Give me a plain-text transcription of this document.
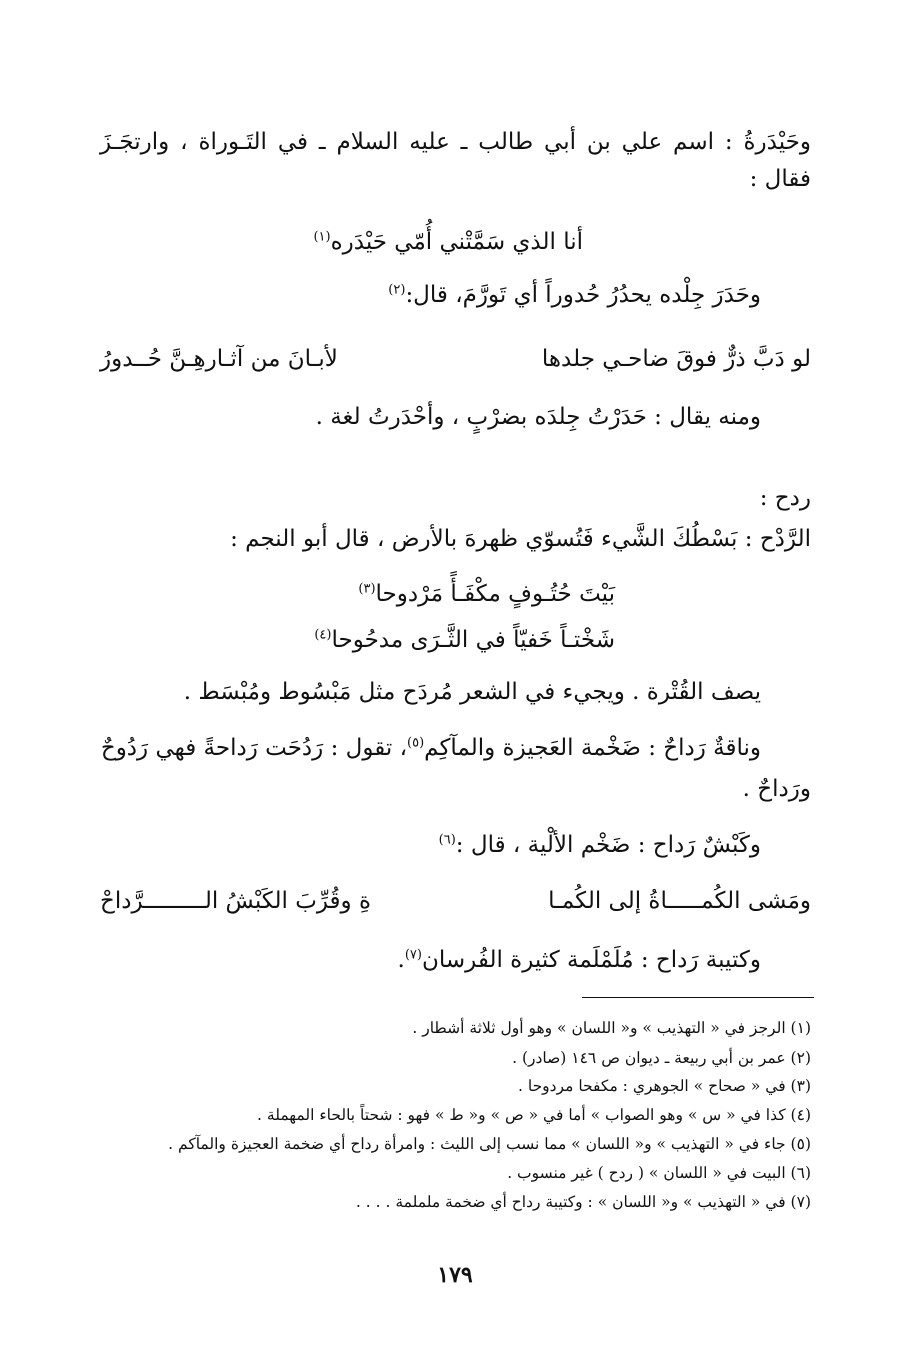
وحَيْدَرةُ : اسم علي بن أبي طالب ـ عليه السلام ـ في التَـوراة ، وارتجَـزَ
فقال :
أنا الذي سَمَّتْني أُمّي حَيْدَره$^{(١)}$
وحَدَرَ جِلْده يحدُرُ حُدوراً أي تَورَّمَ، قال:$^{(٢)}$
لو دَبَّ ذرٌّ فوقَ ضاحـي جلدها
لأبـانَ من آثـارهِـنَّ حُــدورُ
ومنه يقال : حَدَرْتُ جِلدَه بضرْبٍ ، وأحْدَرتُ لغة .
ردح :
الرَّدْح : بَسْطُكَ الشَّيء فَتُسوّي ظهرهَ بالأرض ، قال أبو النجم :
بَيْتَ حُتُـوفٍ مكْفَـأً مَرْدوحا$^{(٣)}$
شَخْتـاً خَفيّاً في الثَّـرَى مدحُوحا$^{(٤)}$
يصف القُتْرة . ويجيء في الشعر مُردَح مثل مَبْسُوط ومُبْسَط .
وناقةٌ رَداحٌ : ضَخْمة العَجيزة والمآكِم$^{(٥)}$، تقول : رَدُحَت رَداحةً فهي رَدُوحٌ
ورَداحٌ .
وكَبْشٌ رَداح : ضَخْم الألْية ، قال :$^{(٦)}$
ومَشى الكُمـــــاةُ إلى الكُمـا
ةِ وقُرِّبَ الكَبْشُ الـــــــــرَّداحْ
وكتيبة رَداح : مُلَمْلَمة كثيرة الفُرسان$^{(٧)}$.
(١) الرجز في « التهذيب » و« اللسان » وهو أول ثلاثة أشطار .
(٢) عمر بن أبي ربيعة ـ ديوان ص ١٤٦ (صادر) .
(٣) في « صحاح » الجوهري : مكفحا مردوحا .
(٤) كذا في « س » وهو الصواب » أما في « ص » و« ط » فهو : شحتاً بالحاء المهملة .
(٥) جاء في « التهذيب » و« اللسان » مما نسب إلى الليث : وامرأة رداح أي ضخمة العجيزة والمآكم .
(٦) البيت في « اللسان » ( ردح ) غير منسوب .
(٧) في « التهذيب » و« اللسان » : وكتيبة رداح أي ضخمة ململمة . . . .
١٧٩
